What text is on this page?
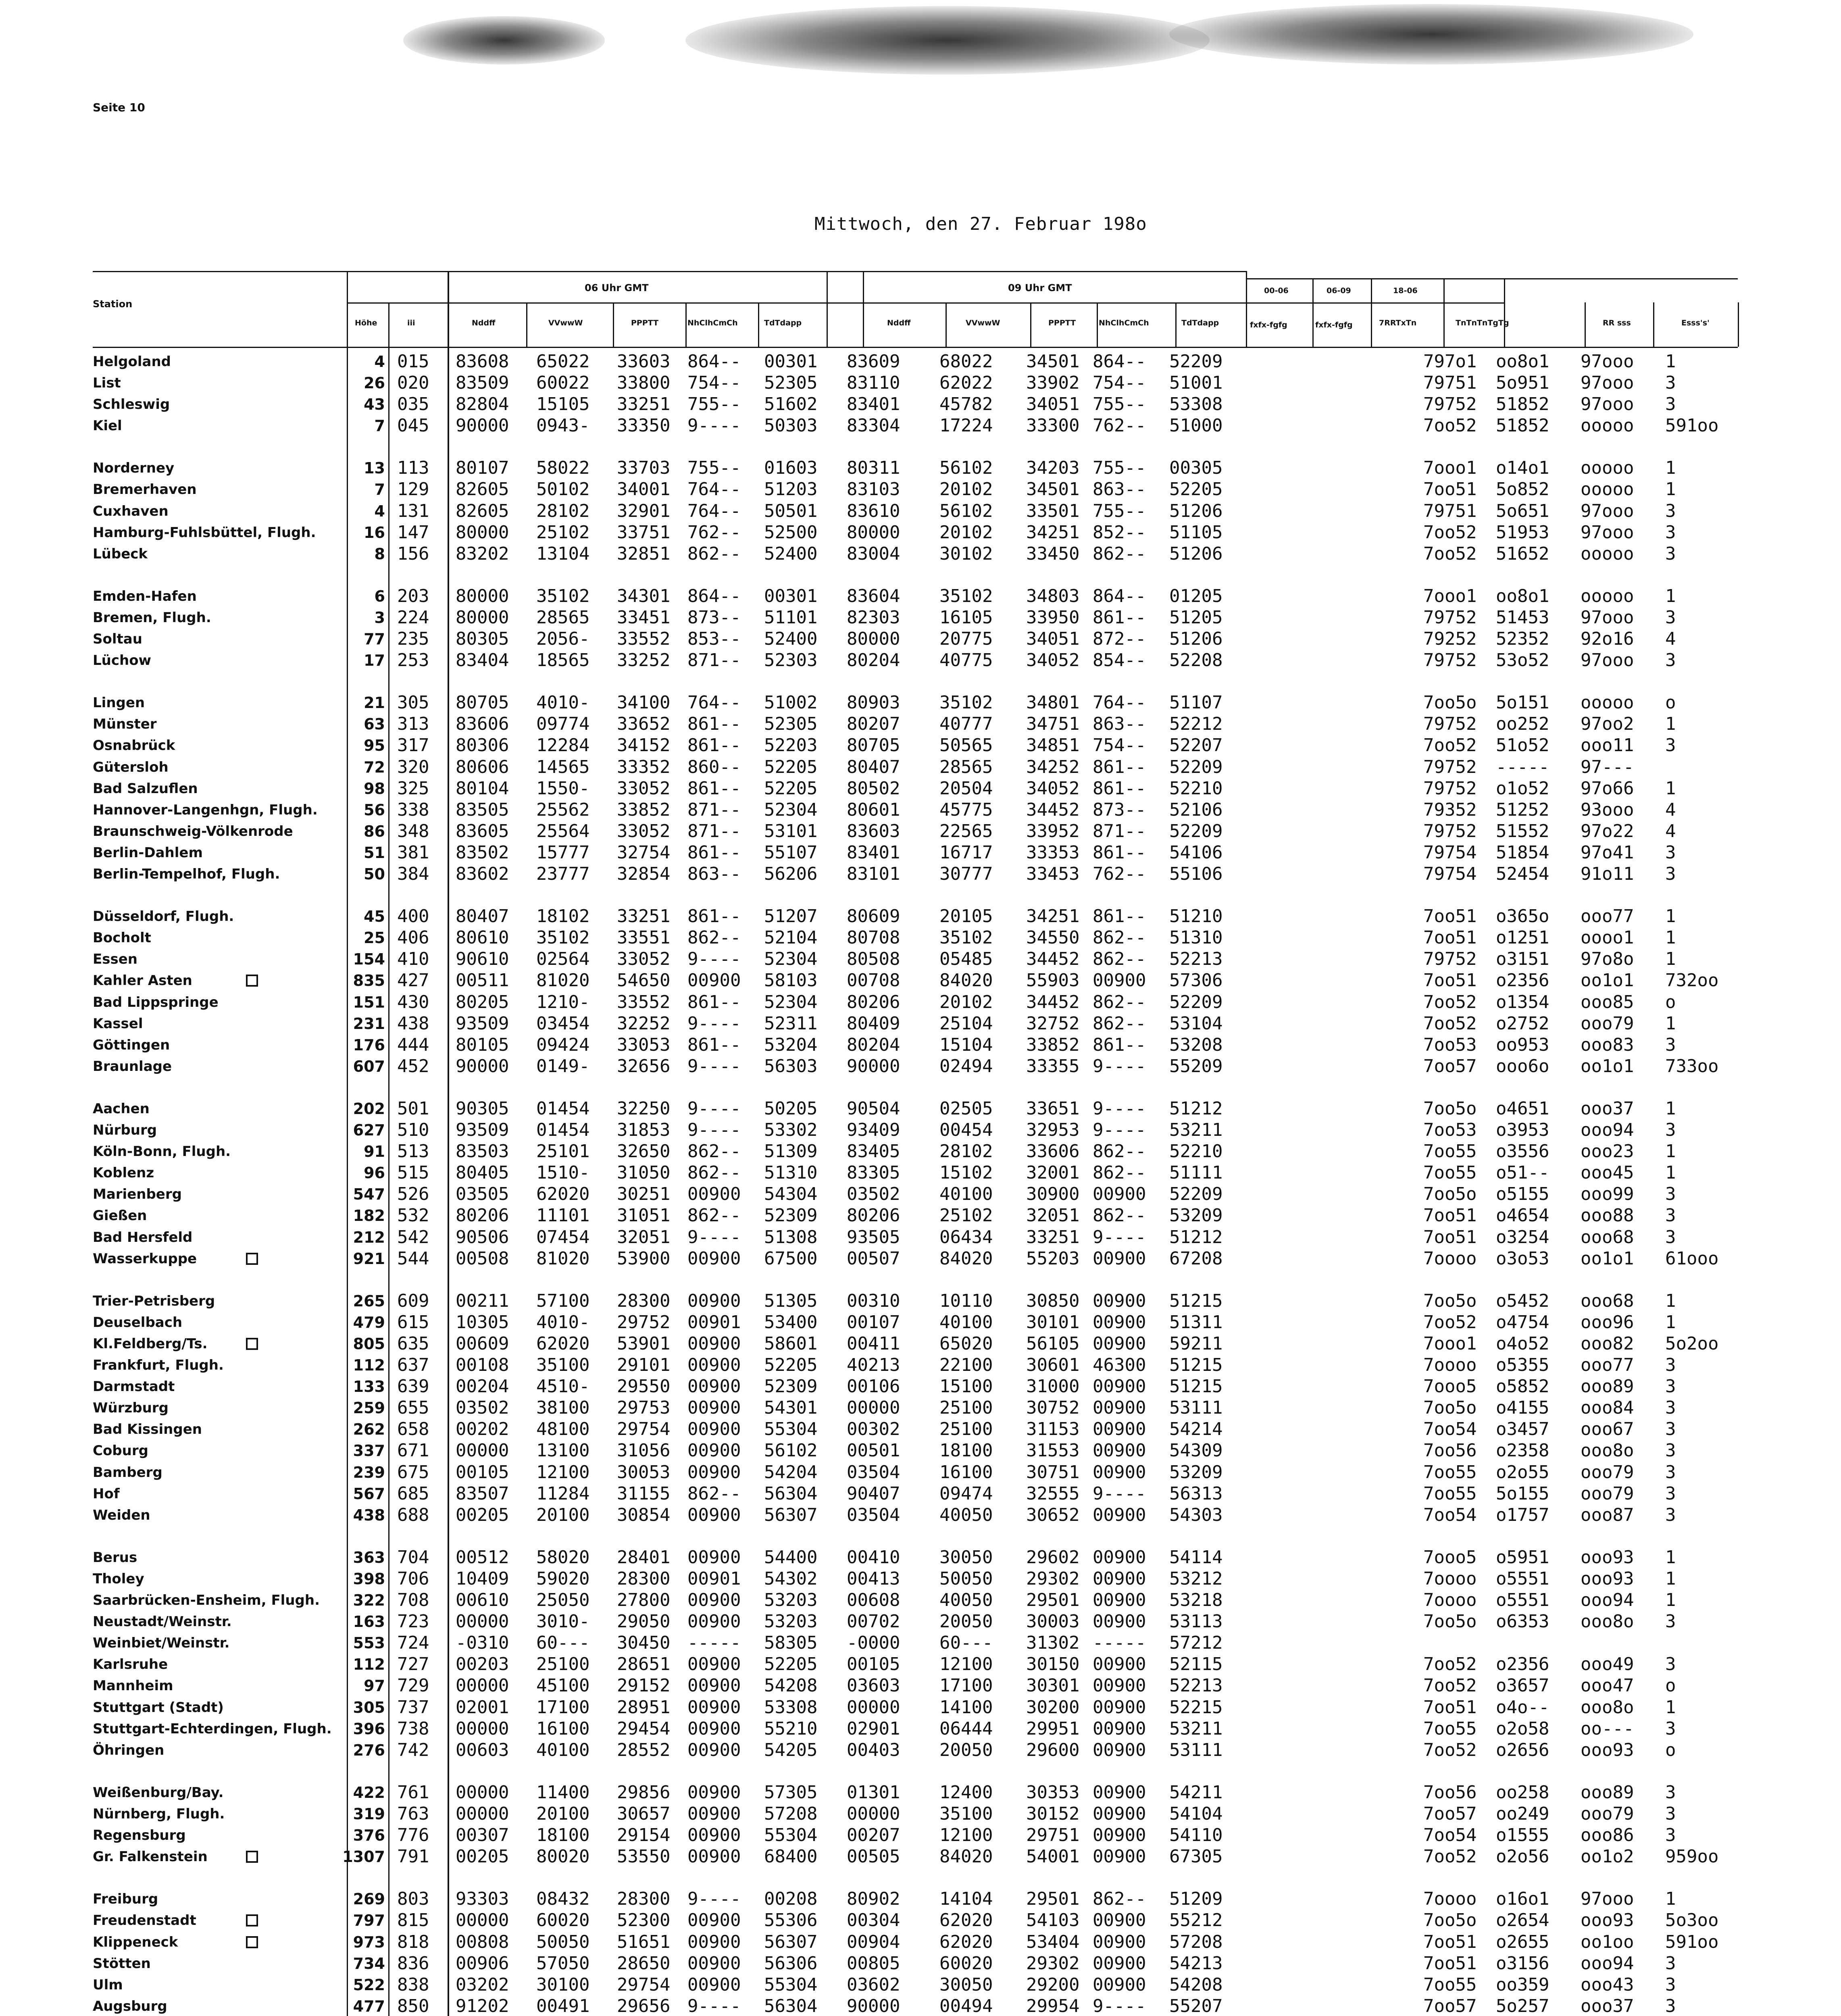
Seite 10
Mittwoch, den 27. Februar 198o
Station
Höhe	iii
06 Uhr GMT
Nddff	VVwwW	PPPTT	NhClhCmCh	TdTdapp
09 Uhr GMT
Nddff	VVwwW	PPPTT	NhClhCmCh	TdTdapp
00-06	06-09	18-06
fxfx-fgfg	fxfx-fgfg	7RRTxTn	TnTnTnTgTg	RR sss	Esss's'
Helgoland	4 015 83608 65022 33603 864-- 00301 83609 68022 34501 864-- 52209	797o1 oo8o1 97ooo 1
List	26 020 83509 60022 33800 754-- 52305 83110 62022 33902 754-- 51001	79751 5o951 97ooo 3
Schleswig	43 035 82804 15105 33251 755-- 51602 83401 45782 34051 755-- 53308	79752 51852 97ooo 3
Kiel	7 045 90000 0943- 33350 9---- 50303 83304 17224 33300 762-- 51000	7oo52 51852 ooooo 591oo
Norderney	13 113 80107 58022 33703 755-- 01603 80311 56102 34203 755-- 00305	7ooo1 o14o1 ooooo 1
Bremerhaven	7 129 82605 50102 34001 764-- 51203 83103 20102 34501 863-- 52205	7oo51 5o852 ooooo 1
Cuxhaven	4 131 82605 28102 32901 764-- 50501 83610 56102 33501 755-- 51206	79751 5o651 97ooo 3
Hamburg-Fuhlsbüttel, Flugh.	16 147 80000 25102 33751 762-- 52500 80000 20102 34251 852-- 51105	7oo52 51953 97ooo 3
Lübeck	8 156 83202 13104 32851 862-- 52400 83004 30102 33450 862-- 51206	7oo52 51652 ooooo 3
Emden-Hafen	6 203 80000 35102 34301 864-- 00301 83604 35102 34803 864-- 01205	7ooo1 oo8o1 ooooo 1
Bremen, Flugh.	3 224 80000 28565 33451 873-- 51101 82303 16105 33950 861-- 51205	79752 51453 97ooo 3
Soltau	77 235 80305 2056- 33552 853-- 52400 80000 20775 34051 872-- 51206	79252 52352 92o16 4
Lüchow	17 253 83404 18565 33252 871-- 52303 80204 40775 34052 854-- 52208	79752 53o52 97ooo 3
Lingen	21 305 80705 4010- 34100 764-- 51002 80903 35102 34801 764-- 51107	7oo5o 5o151 ooooo o
Münster	63 313 83606 09774 33652 861-- 52305 80207 40777 34751 863-- 52212	79752 oo252 97oo2 1
Osnabrück	95 317 80306 12284 34152 861-- 52203 80705 50565 34851 754-- 52207	7oo52 51o52 ooo11 3
Gütersloh	72 320 80606 14565 33352 860-- 52205 80407 28565 34252 861-- 52209	79752 ----- 97---
Bad Salzuflen	98 325 80104 1550- 33052 861-- 52205 80502 20504 34052 861-- 52210	79752 o1o52 97o66 1
Hannover-Langenhgn, Flugh.	56 338 83505 25562 33852 871-- 52304 80601 45775 34452 873-- 52106	79352 51252 93ooo 4
Braunschweig-Völkenrode	86 348 83605 25564 33052 871-- 53101 83603 22565 33952 871-- 52209	79752 51552 97o22 4
Berlin-Dahlem	51 381 83502 15777 32754 861-- 55107 83401 16717 33353 861-- 54106	79754 51854 97o41 3
Berlin-Tempelhof, Flugh.	50 384 83602 23777 32854 863-- 56206 83101 30777 33453 762-- 55106	79754 52454 91o11 3
Düsseldorf, Flugh.	45 400 80407 18102 33251 861-- 51207 80609 20105 34251 861-- 51210	7oo51 o365o ooo77 1
Bocholt	25 406 80610 35102 33551 862-- 52104 80708 35102 34550 862-- 51310	7oo51 o1251 oooo1 1
Essen	154 410 90610 02564 33052 9---- 52304 80508 05485 34452 862-- 52213	79752 o3151 97o8o 1
Kahler Asten	835 427 00511 81020 54650 00900 58103 00708 84020 55903 00900 57306	7oo51 o2356 oo1o1 732oo
Bad Lippspringe	151 430 80205 1210- 33552 861-- 52304 80206 20102 34452 862-- 52209	7oo52 o1354 ooo85 o
Kassel	231 438 93509 03454 32252 9---- 52311 80409 25104 32752 862-- 53104	7oo52 o2752 ooo79 1
Göttingen	176 444 80105 09424 33053 861-- 53204 80204 15104 33852 861-- 53208	7oo53 oo953 ooo83 3
Braunlage	607 452 90000 0149- 32656 9---- 56303 90000 02494 33355 9---- 55209	7oo57 ooo6o oo1o1 733oo
Aachen	202 501 90305 01454 32250 9---- 50205 90504 02505 33651 9---- 51212	7oo5o o4651 ooo37 1
Nürburg	627 510 93509 01454 31853 9---- 53302 93409 00454 32953 9---- 53211	7oo53 o3953 ooo94 3
Köln-Bonn, Flugh.	91 513 83503 25101 32650 862-- 51309 83405 28102 33606 862-- 52210	7oo55 o3556 ooo23 1
Koblenz	96 515 80405 1510- 31050 862-- 51310 83305 15102 32001 862-- 51111	7oo55 o51-- ooo45 1
Marienberg	547 526 03505 62020 30251 00900 54304 03502 40100 30900 00900 52209	7oo5o o5155 ooo99 3
Gießen	182 532 80206 11101 31051 862-- 52309 80206 25102 32051 862-- 53209	7oo51 o4654 ooo88 3
Bad Hersfeld	212 542 90506 07454 32051 9---- 51308 93505 06434 33251 9---- 51212	7oo51 o3254 ooo68 3
Wasserkuppe	921 544 00508 81020 53900 00900 67500 00507 84020 55203 00900 67208	7oooo o3o53 oo1o1 61ooo
Trier-Petrisberg	265 609 00211 57100 28300 00900 51305 00310 10110 30850 00900 51215	7oo5o o5452 ooo68 1
Deuselbach	479 615 10305 4010- 29752 00901 53400 00107 40100 30101 00900 51311	7oo52 o4754 ooo96 1
Kl.Feldberg/Ts.	805 635 00609 62020 53901 00900 58601 00411 65020 56105 00900 59211	7ooo1 o4o52 ooo82 5o2oo
Frankfurt, Flugh.	112 637 00108 35100 29101 00900 52205 40213 22100 30601 46300 51215	7oooo o5355 ooo77 3
Darmstadt	133 639 00204 4510- 29550 00900 52309 00106 15100 31000 00900 51215	7ooo5 o5852 ooo89 3
Würzburg	259 655 03502 38100 29753 00900 54301 00000 25100 30752 00900 53111	7oo5o o4155 ooo84 3
Bad Kissingen	262 658 00202 48100 29754 00900 55304 00302 25100 31153 00900 54214	7oo54 o3457 ooo67 3
Coburg	337 671 00000 13100 31056 00900 56102 00501 18100 31553 00900 54309	7oo56 o2358 ooo8o 3
Bamberg	239 675 00105 12100 30053 00900 54204 03504 16100 30751 00900 53209	7oo55 o2o55 ooo79 3
Hof	567 685 83507 11284 31155 862-- 56304 90407 09474 32555 9---- 56313	7oo55 5o155 ooo79 3
Weiden	438 688 00205 20100 30854 00900 56307 03504 40050 30652 00900 54303	7oo54 o1757 ooo87 3
Berus	363 704 00512 58020 28401 00900 54400 00410 30050 29602 00900 54114	7ooo5 o5951 ooo93 1
Tholey	398 706 10409 59020 28300 00901 54302 00413 50050 29302 00900 53212	7oooo o5551 ooo93 1
Saarbrücken-Ensheim, Flugh.	322 708 00610 25050 27800 00900 53203 00608 40050 29501 00900 53218	7oooo o5551 ooo94 1
Neustadt/Weinstr.	163 723 00000 3010- 29050 00900 53203 00702 20050 30003 00900 53113	7oo5o o6353 ooo8o 3
Weinbiet/Weinstr.	553 724 -0310 60--- 30450 ----- 58305 -0000 60--- 31302 ----- 57212
Karlsruhe	112 727 00203 25100 28651 00900 52205 00105 12100 30150 00900 52115	7oo52 o2356 ooo49 3
Mannheim	97 729 00000 45100 29152 00900 54208 03603 17100 30301 00900 52213	7oo52 o3657 ooo47 o
Stuttgart (Stadt)	305 737 02001 17100 28951 00900 53308 00000 14100 30200 00900 52215	7oo51 o4o-- ooo8o 1
Stuttgart-Echterdingen, Flugh.	396 738 00000 16100 29454 00900 55210 02901 06444 29951 00900 53211	7oo55 o2o58 oo--- 3
Öhringen	276 742 00603 40100 28552 00900 54205 00403 20050 29600 00900 53111	7oo52 o2656 ooo93 o
Weißenburg/Bay.	422 761 00000 11400 29856 00900 57305 01301 12400 30353 00900 54211	7oo56 oo258 ooo89 3
Nürnberg, Flugh.	319 763 00000 20100 30657 00900 57208 00000 35100 30152 00900 54104	7oo57 oo249 ooo79 3
Regensburg	376 776 00307 18100 29154 00900 55304 00207 12100 29751 00900 54110	7oo54 o1555 ooo86 3
Gr. Falkenstein	1307 791 00205 80020 53550 00900 68400 00505 84020 54001 00900 67305	7oo52 o2o56 oo1o2 959oo
Freiburg	269 803 93303 08432 28300 9---- 00208 80902 14104 29501 862-- 51209	7oooo o16o1 97ooo 1
Freudenstadt	797 815 00000 60020 52300 00900 55306 00304 62020 54103 00900 55212	7oo5o o2654 ooo93 5o3oo
Klippeneck	973 818 00808 50050 51651 00900 56307 00904 62020 53404 00900 57208	7oo51 o2655 oo1oo 591oo
Stötten	734 836 00906 57050 28650 00900 56306 00805 60020 29302 00900 54213	7oo51 o3156 ooo94 3
Ulm	522 838 03202 30100 29754 00900 55304 03602 30050 29200 00900 54208	7oo55 oo359 ooo43 3
Augsburg	477 850 91202 00491 29656 9---- 56304 90000 00494 29954 9---- 55207	7oo57 5o257 ooo37 3
